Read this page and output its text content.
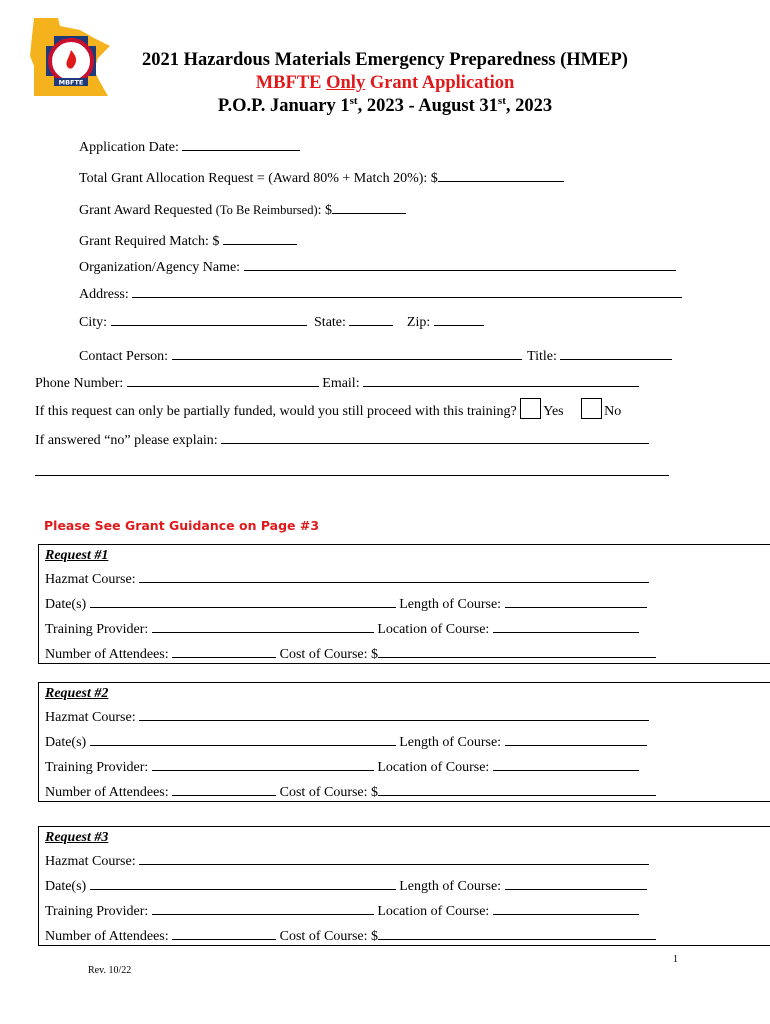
MBFTE
2021 Hazardous Materials Emergency Preparedness (HMEP)
MBFTE Only Grant Application
P.O.P. January 1st, 2023 - August 31st, 2023
Application Date:
Total Grant Allocation Request = (Award 80% + Match 20%): $
Grant Award Requested (To Be Reimbursed): $
Grant Required Match: $
Organization/Agency Name:
Address:
City:	State:	Zip:
Contact Person:	Title:
Phone Number:	Email:
If this request can only be partially funded, would you still proceed with this training? Yes	No
If answered “no” please explain:
Please See Grant Guidance on Page #3
Request #1
Hazmat Course:
Date(s)	Length of Course:
Training Provider:	Location of Course:
Number of Attendees:	Cost of Course: $
Request #2
Hazmat Course:
Date(s)	Length of Course:
Training Provider:	Location of Course:
Number of Attendees:	Cost of Course: $
Request #3
Hazmat Course:
Date(s)	Length of Course:
Training Provider:	Location of Course:
Number of Attendees:	Cost of Course: $
1
Rev. 10/22
